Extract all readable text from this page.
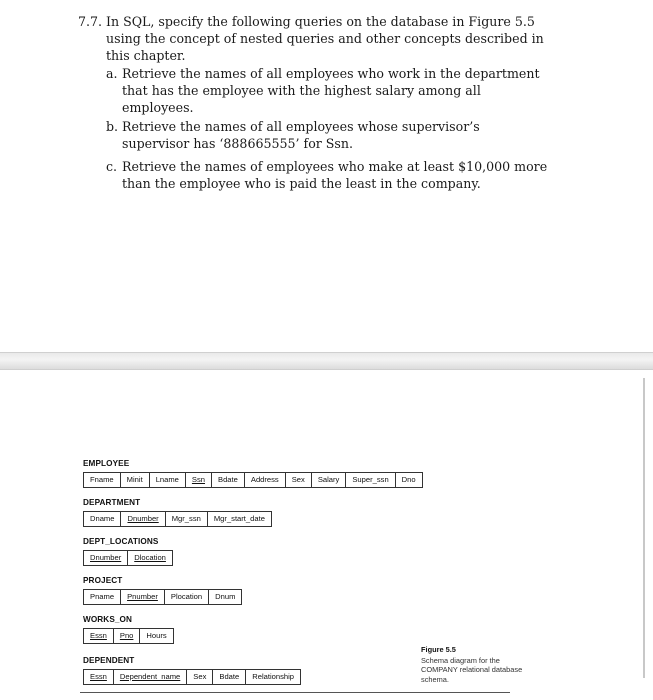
7.7. In SQL, specify the following queries on the database in Figure 5.5 using the concept of nested queries and other concepts described in this chapter.
a. Retrieve the names of all employees who work in the department that has the employee with the highest salary among all employees.
b. Retrieve the names of all employees whose supervisor’s supervisor has ‘888665555’ for Ssn.
c. Retrieve the names of employees who make at least $10,000 more than the employee who is paid the least in the company.
EMPLOYEE
Fname	Minit	Lname	Ssn	Bdate	Address	Sex	Salary	Super_ssn	Dno
DEPARTMENT
Dname	Dnumber	Mgr_ssn	Mgr_start_date
DEPT_LOCATIONS
Dnumber	Dlocation
PROJECT
Pname	Pnumber	Plocation	Dnum
WORKS_ON
Essn	Pno	Hours
DEPENDENT
Essn	Dependent_name	Sex	Bdate	Relationship
Figure 5.5
Schema diagram for the COMPANY relational database schema.
